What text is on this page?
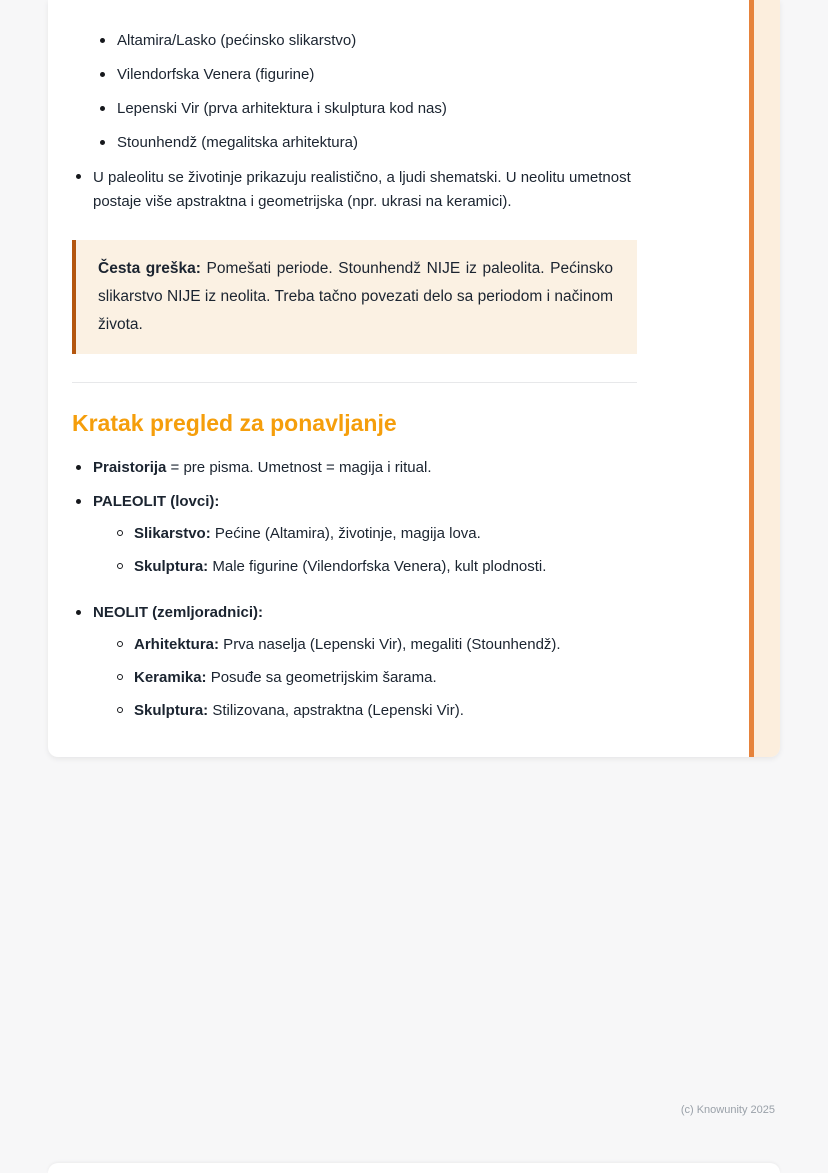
Altamira/Lasko (pećinsko slikarstvo)
Vilendorfska Venera (figurine)
Lepenski Vir (prva arhitektura i skulptura kod nas)
Stounhendž (megalitska arhitektura)
U paleolitu se životinje prikazuju realistično, a ljudi shematski. U neolitu umetnost postaje više apstraktna i geometrijska (npr. ukrasi na keramici).

Česta greška: Pomešati periode. Stounhendž NIJE iz paleolita. Pećinsko slikarstvo NIJE iz neolita. Treba tačno povezati delo sa periodom i načinom života.

Kratak pregled za ponavljanje
Praistorija = pre pisma. Umetnost = magija i ritual.
PALEOLIT (lovci):
Slikarstvo: Pećine (Altamira), životinje, magija lova.
Skulptura: Male figurine (Vilendorfska Venera), kult plodnosti.
NEOLIT (zemljoradnici):
Arhitektura: Prva naselja (Lepenski Vir), megaliti (Stounhendž).
Keramika: Posuđe sa geometrijskim šarama.
Skulptura: Stilizovana, apstraktna (Lepenski Vir).
(c) Knowunity 2025
